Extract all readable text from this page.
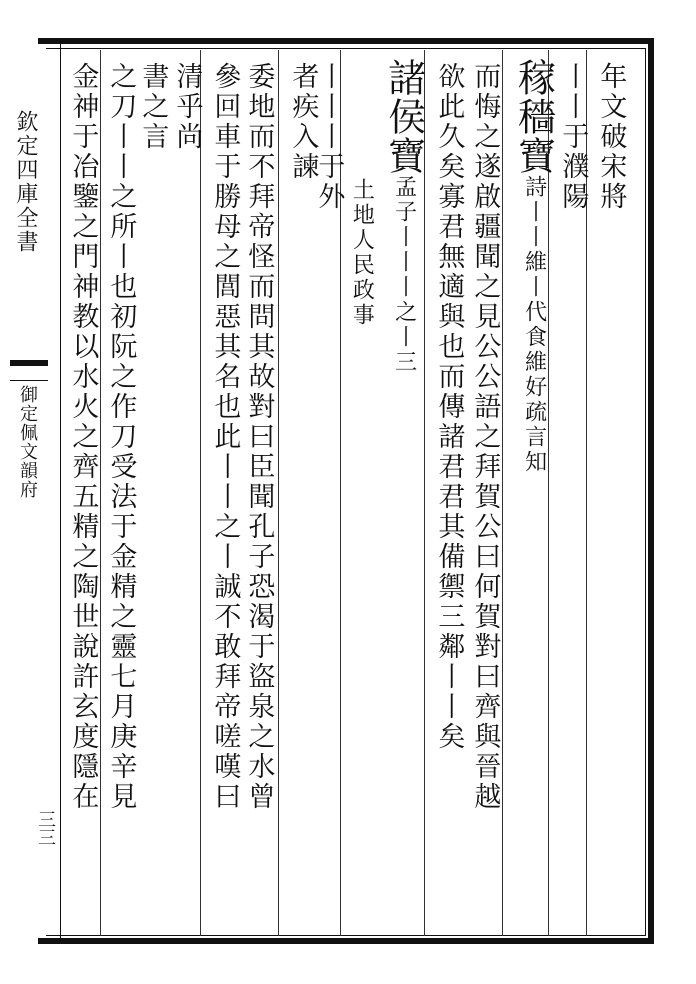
欽定四庫全書
御定佩文韻府
三三
年文破宋將
丨丨于濮陽
稼穡寶詩丨丨維丨代食維好疏言知
而悔之遂啟疆聞之見公公語之拜賀公曰何賀對曰齊與晉越
欲此久矣寡君無適與也而傳諸君君其備禦三鄰丨丨矣
諸侯寶孟子丨丨丨之丨三
土地人民政事
丨丨丨于外
者疾入諫
委地而不拜帝怪而問其故對曰臣聞孔子恐渴于盜泉之水曾
參回車于勝母之閭惡其名也此丨丨之丨誠不敢拜帝嗟嘆曰
清乎尚
書之言
之刀丨丨之所丨也初阮之作刀受法于金精之靈七月庚辛見
金神于冶鑒之門神教以水火之齊五精之陶世說許玄度隱在
